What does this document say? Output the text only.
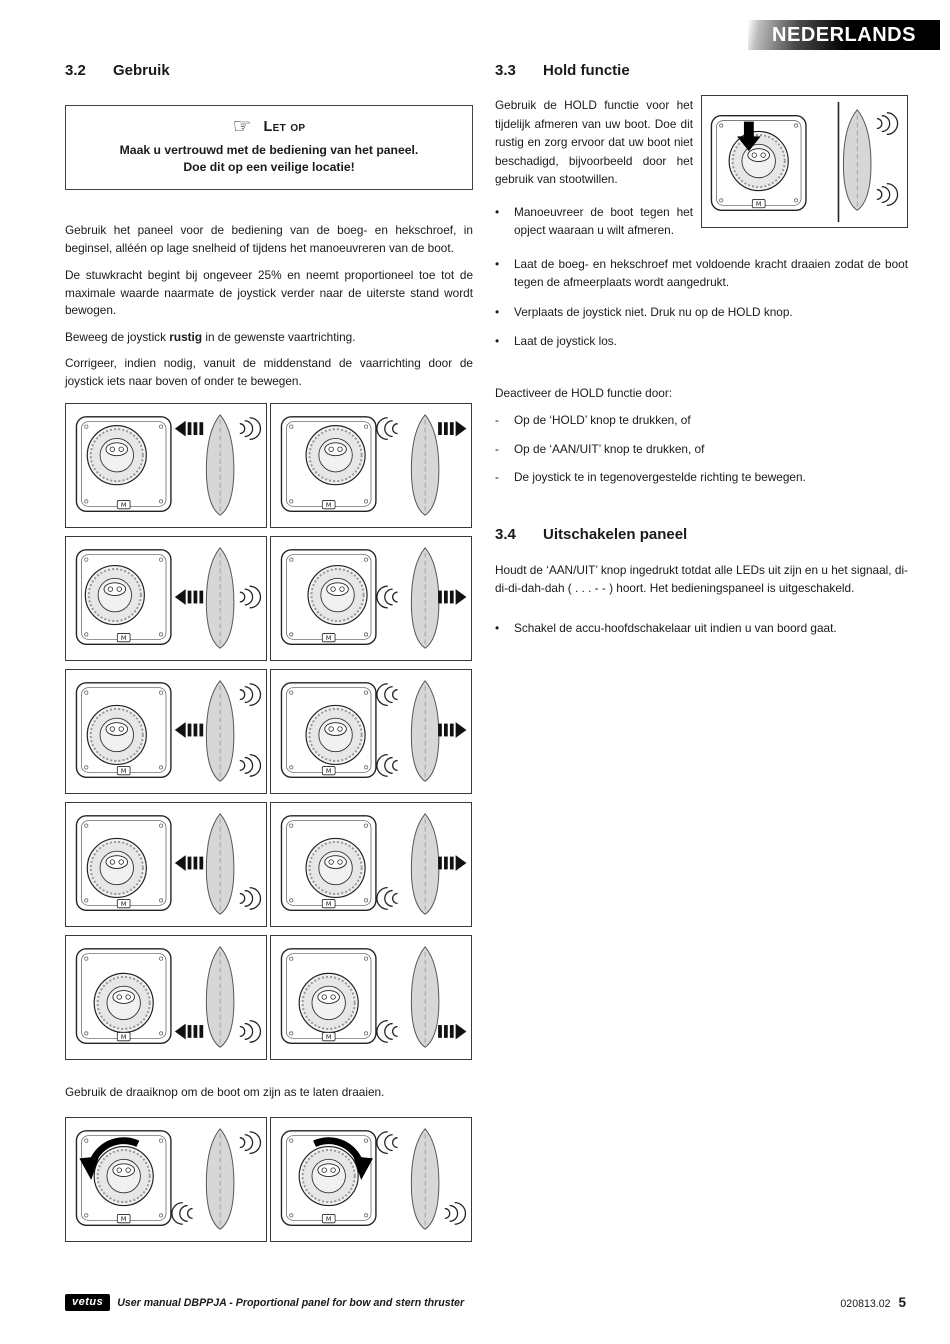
NEDERLANDS
3.2	Gebruik
☞ Let op
Maak u vertrouwd met de bediening van het paneel.
Doe dit op een veilige locatie!

Gebruik het paneel voor de bediening van de boeg- en hekschroef, in beginsel, alléén op lage snelheid of tijdens het manoeuvreren van de boot.

De stuwkracht begint bij ongeveer 25% en neemt proportioneel toe tot de maximale waarde naarmate de joystick verder naar de uiterste stand wordt bewogen.

Beweeg de joystick rustig in de gewenste vaartrichting.

Corrigeer, indien nodig, vanuit de middenstand de vaarrichting door de joystick iets naar boven of onder te bewegen.

M	M
M	M
M	M
M	M
M	M

Gebruik de draaiknop om de boot om zijn as te laten draaien.

M	M
3.3	Hold functie
M

Gebruik de HOLD functie voor het tijdelijk afmeren van uw boot. Doe dit rustig en zorg ervoor dat uw boot niet beschadigd, bijvoorbeeld door het gebruik van stootwillen.

• Manoeuvreer de boot tegen het opject waaraan u wilt afmeren.
• Laat de boeg- en hekschroef met voldoende kracht draaien zodat de boot tegen de afmeerplaats wordt aangedrukt.
• Verplaats de joystick niet. Druk nu op de HOLD knop.
• Laat de joystick los.

Deactiveer de HOLD functie door:

- Op de ‘HOLD’ knop te drukken, of
- Op de ‘AAN/UIT’ knop te drukken, of
- De joystick te in tegenovergestelde richting te bewegen.
3.4	Uitschakelen paneel

Houdt de ‘AAN/UIT’ knop ingedrukt totdat alle LEDs uit zijn en u het signaal, di-di-di-dah-dah ( . . . - - ) hoort. Het bedieningspaneel is uitgeschakeld.

• Schakel de accu-hoofdschakelaar uit indien u van boord gaat.
vetus	User manual DBPPJA - Proportional panel for bow and stern thruster	020813.02 5
